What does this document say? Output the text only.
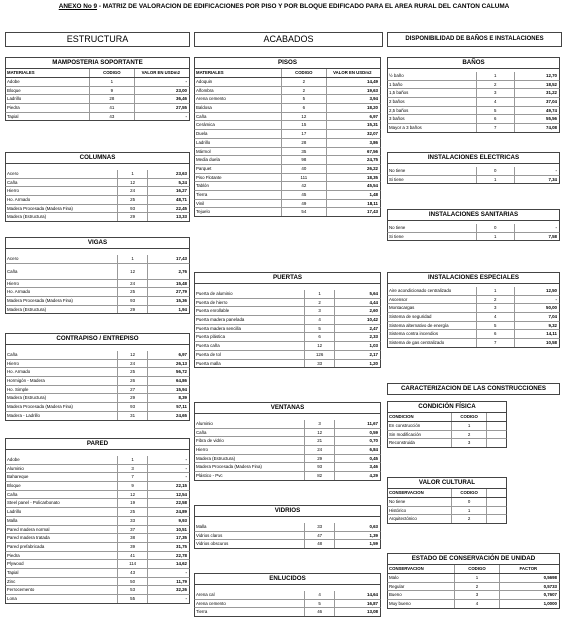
ANEXO No 9 - MATRIZ DE VALORACION DE EDIFICACIONES POR PISO Y POR BLOQUE EDIFICADO PARA EL AREA RURAL DEL CANTON CALUMA
ESTRUCTURA	ACABADOS	DISPONIBILIDAD DE BAÑOS E INSTALACIONES
MAMPOSTERIA SOPORTANTE
MATERIALES	CODIGO	VALOR EN USDm2
Adobe	1	-
Bloque	9	23,00
Ladrillo	28	36,46
Piedra	41	27,55
Tapial	43	-
COLUMNAS
Acero	1	23,63
Caña	12	5,24
Hierro	24	16,27
Ho. Armado	25	48,71
Madera Procesada (Madera Fina)	93	22,45
Madera (Estructura)	29	13,33
VIGAS
Acero	1	17,43
Caña	12	2,76
Hierro	24	15,48
Ho. Armado	25	27,79
Madera Procesada (Madera Fina)	93	15,36
Madera (Estructura)	29	1,94
CONTRAPISO / ENTREPISO
Caña	12	6,97
Hierro	24	26,13
Ho. Armado	25	56,72
Hormigón - Madera	26	64,86
Ho. Simple	27	15,94
Madera (Estructura)	29	8,39
Madera Procesada (Madera Fina)	93	57,11
Madera - Ladrillo	31	24,65
PARED
Adobe	1	-
Aluminio	3	-
Bahareque	7	-
Bloque	9	22,15
Caña	12	12,54
Steel panel - Policarbonato	19	22,58
Ladrillo	25	24,89
Malla	33	9,93
Pared madera normal	37	10,51
Pared madera tratada	38	17,35
Pared prefabricada	39	31,75
Piedra	41	22,78
Plywood	114	14,62
Tapial	43	-
Zinc	50	11,79
Ferrocemento	53	32,26
Lona	55	-
PISOS
MATERIALES	CODIGO	VALOR EN USDm2
Adoquin	2	14,49
Alfombra	2	19,63
Arena cemento	5	3,94
Baldosa	6	18,20
Caña	12	6,97
Cerámica	15	15,31
Duela	17	32,07
Ladrillo	28	3,86
Mármol	35	67,56
Media duela	98	24,75
Parquet	40	26,22
Piso Flotante	111	18,35
Tablón	42	45,54
Tierra	45	1,48
Vinil	49	18,11
Tejuelo	54	17,43
PUERTAS
Puerta de aluminio	1	5,64
Puerta de hierro	2	4,44
Puerta enrollable	3	2,60
Puerta madera panelada	4	10,42
Puerta madera sencilla	5	2,47
Puerta plástica	6	2,33
Puerta caña	12	1,03
Puerta de tol	126	2,17
Puerta malla	33	1,20
VENTANAS
Aluminio	3	11,67
Caña	12	0,59
Fibra de vidrio	21	0,70
Hierro	24	6,84
Madera (Estructura)	29	0,45
Madera Procesada (Madera Fina)	93	3,46
Plástico - Pvc	82	4,29
VIDRIOS
Malla	33	0,63
Vidrios claros	47	1,39
Vidrios obscuros	48	1,59
ENLUCIDOS
Arena cal	4	14,64
Arena cemento	5	16,87
Tierra	46	13,08
BAÑOS
½ baño	1	12,70
1 baño	2	18,52
1,5 baños	3	31,22
2 baños	4	37,04
2,5 baños	5	49,74
3 baños	6	55,56
Mayor a 3 baños	7	74,08
INSTALACIONES ELECTRICAS
No tiene	0	-
Si tiene	1	7,34
INSTALACIONES SANITARIAS
No tiene	0	-
Si tiene	1	7,58
INSTALACIONES ESPECIALES
Aire acondicionado centralizado	1	12,50
Ascensor	2	-
Montacargas	3	50,00
Sistema de seguridad	4	7,04
Sistema alternativo de energía	5	9,32
Sistema contra incendios	6	14,11
Sistema de gas centralizado	7	10,58
CARACTERIZACION DE LAS CONSTRUCCIONES
CONDICIÓN FÍSICA
CONDICION	CODIGO
En construcción	1
Sin modificación	2
Reconstruida	3
VALOR CULTURAL
CONSERVACION	CODIGO
No tiene	0
Histórico	1
Arquitectónico	2
ESTADO DE CONSERVACIÓN DE UNIDAD
CONSERVACION	CODIGO	FACTOR
Malo	1	0,5698
Regular	2	0,5733
Bueno	3	0,7607
Muy bueno	4	1,0000
